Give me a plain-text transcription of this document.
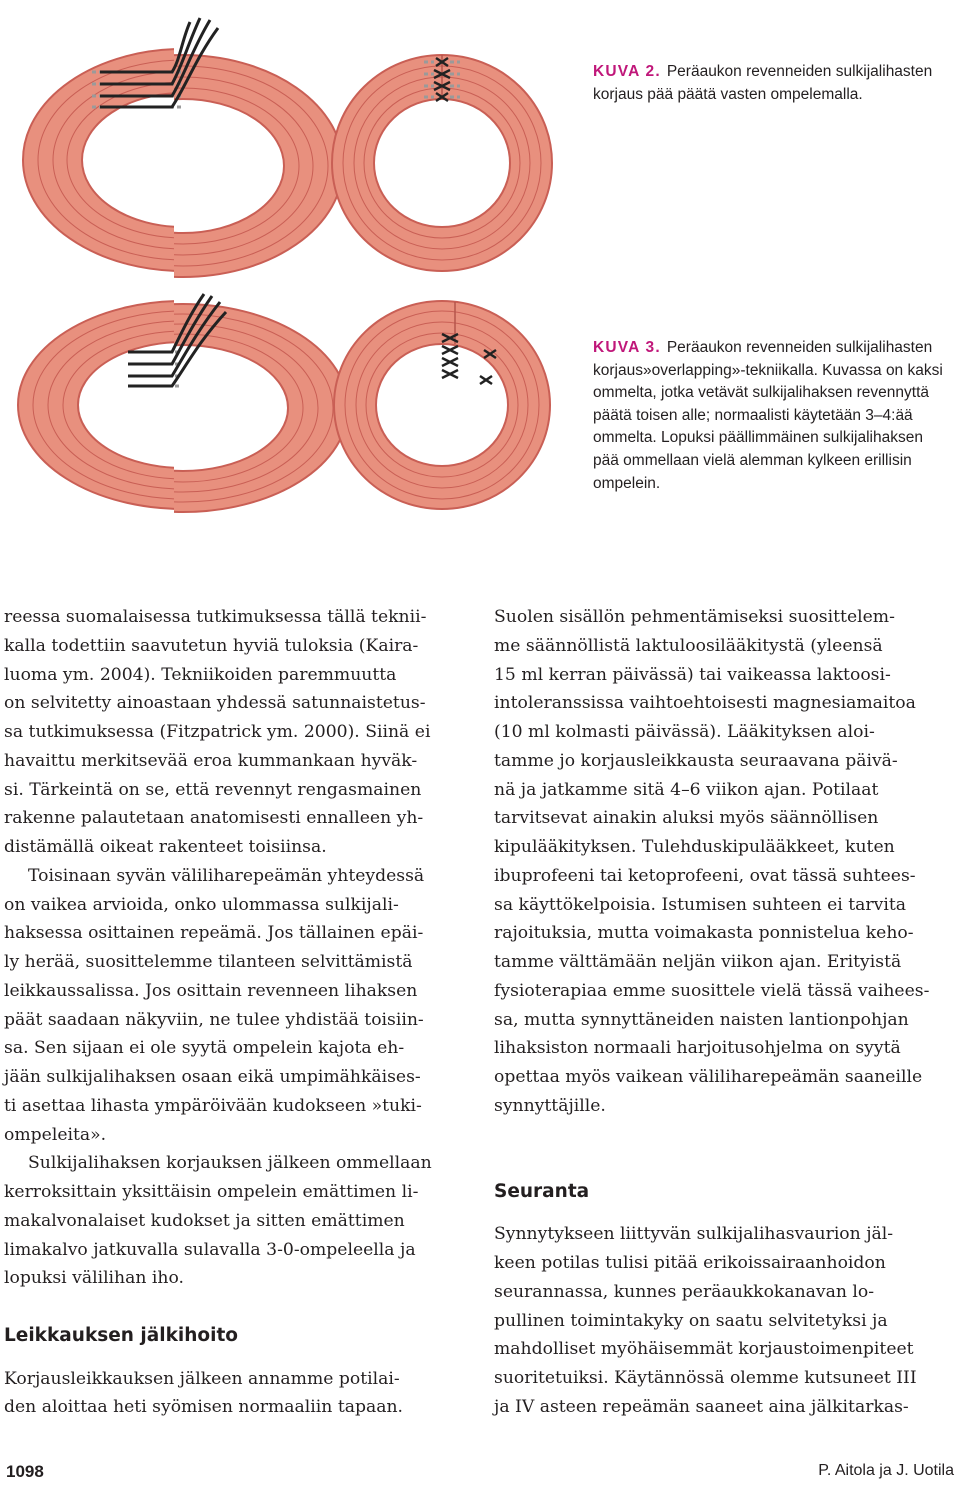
KUVA 2. Peräaukon revenneiden sulkijalihasten korjaus pää päätä vasten ompelemalla.
KUVA 3. Peräaukon revenneiden sulkijalihasten korjaus»overlapping»-tekniikalla. Kuvassa on kaksi ommelta, jotka vetävät sulkijalihaksen revennyttä päätä toisen alle; normaalisti käytetään 3–4:ää ommelta. Lopuksi päällimmäinen sulkijalihaksen pää ommellaan vielä alemman kylkeen erillisin ompelein.
reessa suomalaisessa tutkimuksessa tällä teknii-
kalla todettiin saavutetun hyviä tuloksia (Kaira-
luoma ym. 2004). Tekniikoiden paremmuutta
on selvitetty ainoastaan yhdessä satunnaistetus-
sa tutkimuksessa (Fitzpatrick ym. 2000). Siinä ei
havaittu merkitsevää eroa kummankaan hyväk-
si. Tärkeintä on se, että revennyt rengasmainen
rakenne palautetaan anatomisesti ennalleen yh-
distämällä oikeat rakenteet toisiinsa.
Toisinaan syvän väliliharepeämän yhteydessä
on vaikea arvioida, onko ulommassa sulkijali-
haksessa osittainen repeämä. Jos tällainen epäi-
ly herää, suosittelemme tilanteen selvittämistä
leikkaussalissa. Jos osittain revenneen lihaksen
päät saadaan näkyviin, ne tulee yhdistää toisiin-
sa. Sen sijaan ei ole syytä ompelein kajota eh-
jään sulkijalihaksen osaan eikä umpimähkäises-
ti asettaa lihasta ympäröivään kudokseen »tuki-
ompeleita».
Sulkijalihaksen korjauksen jälkeen ommellaan
kerroksittain yksittäisin ompelein emättimen li-
makalvonalaiset kudokset ja sitten emättimen
limakalvo jatkuvalla sulavalla 3-0-ompeleella ja
lopuksi välilihan iho.
Leikkauksen jälkihoito
Korjausleikkauksen jälkeen annamme potilai-
den aloittaa heti syömisen normaaliin tapaan.
Suolen sisällön pehmentämiseksi suosittelem-
me säännöllistä laktuloosilääkitystä (yleensä
15 ml kerran päivässä) tai vaikeassa laktoosi-
intoleranssissa vaihtoehtoisesti magnesiamaitoa
(10 ml kolmasti päivässä). Lääkityksen aloi-
tamme jo korjausleikkausta seuraavana päivä-
nä ja jatkamme sitä 4–6 viikon ajan. Potilaat
tarvitsevat ainakin aluksi myös säännöllisen
kipulääkityksen. Tulehduskipulääkkeet, kuten
ibuprofeeni tai ketoprofeeni, ovat tässä suhtees-
sa käyttökelpoisia. Istumisen suhteen ei tarvita
rajoituksia, mutta voimakasta ponnistelua keho-
tamme välttämään neljän viikon ajan. Erityistä
fysioterapiaa emme suosittele vielä tässä vaihees-
sa, mutta synnyttäneiden naisten lantionpohjan
lihaksiston normaali harjoitusohjelma on syytä
opettaa myös vaikean väliliharepeämän saaneille
synnyttäjille.
Seuranta
Synnytykseen liittyvän sulkijalihasvaurion jäl-
keen potilas tulisi pitää erikoissairaanhoidon
seurannassa, kunnes peräaukkokanavan lo-
pullinen toimintakyky on saatu selvitetyksi ja
mahdolliset myöhäisemmät korjaustoimenpiteet
suoritetuiksi. Käytännössä olemme kutsuneet III
ja IV asteen repeämän saaneet aina jälkitarkas-
1098	P. Aitola ja J. Uotila
